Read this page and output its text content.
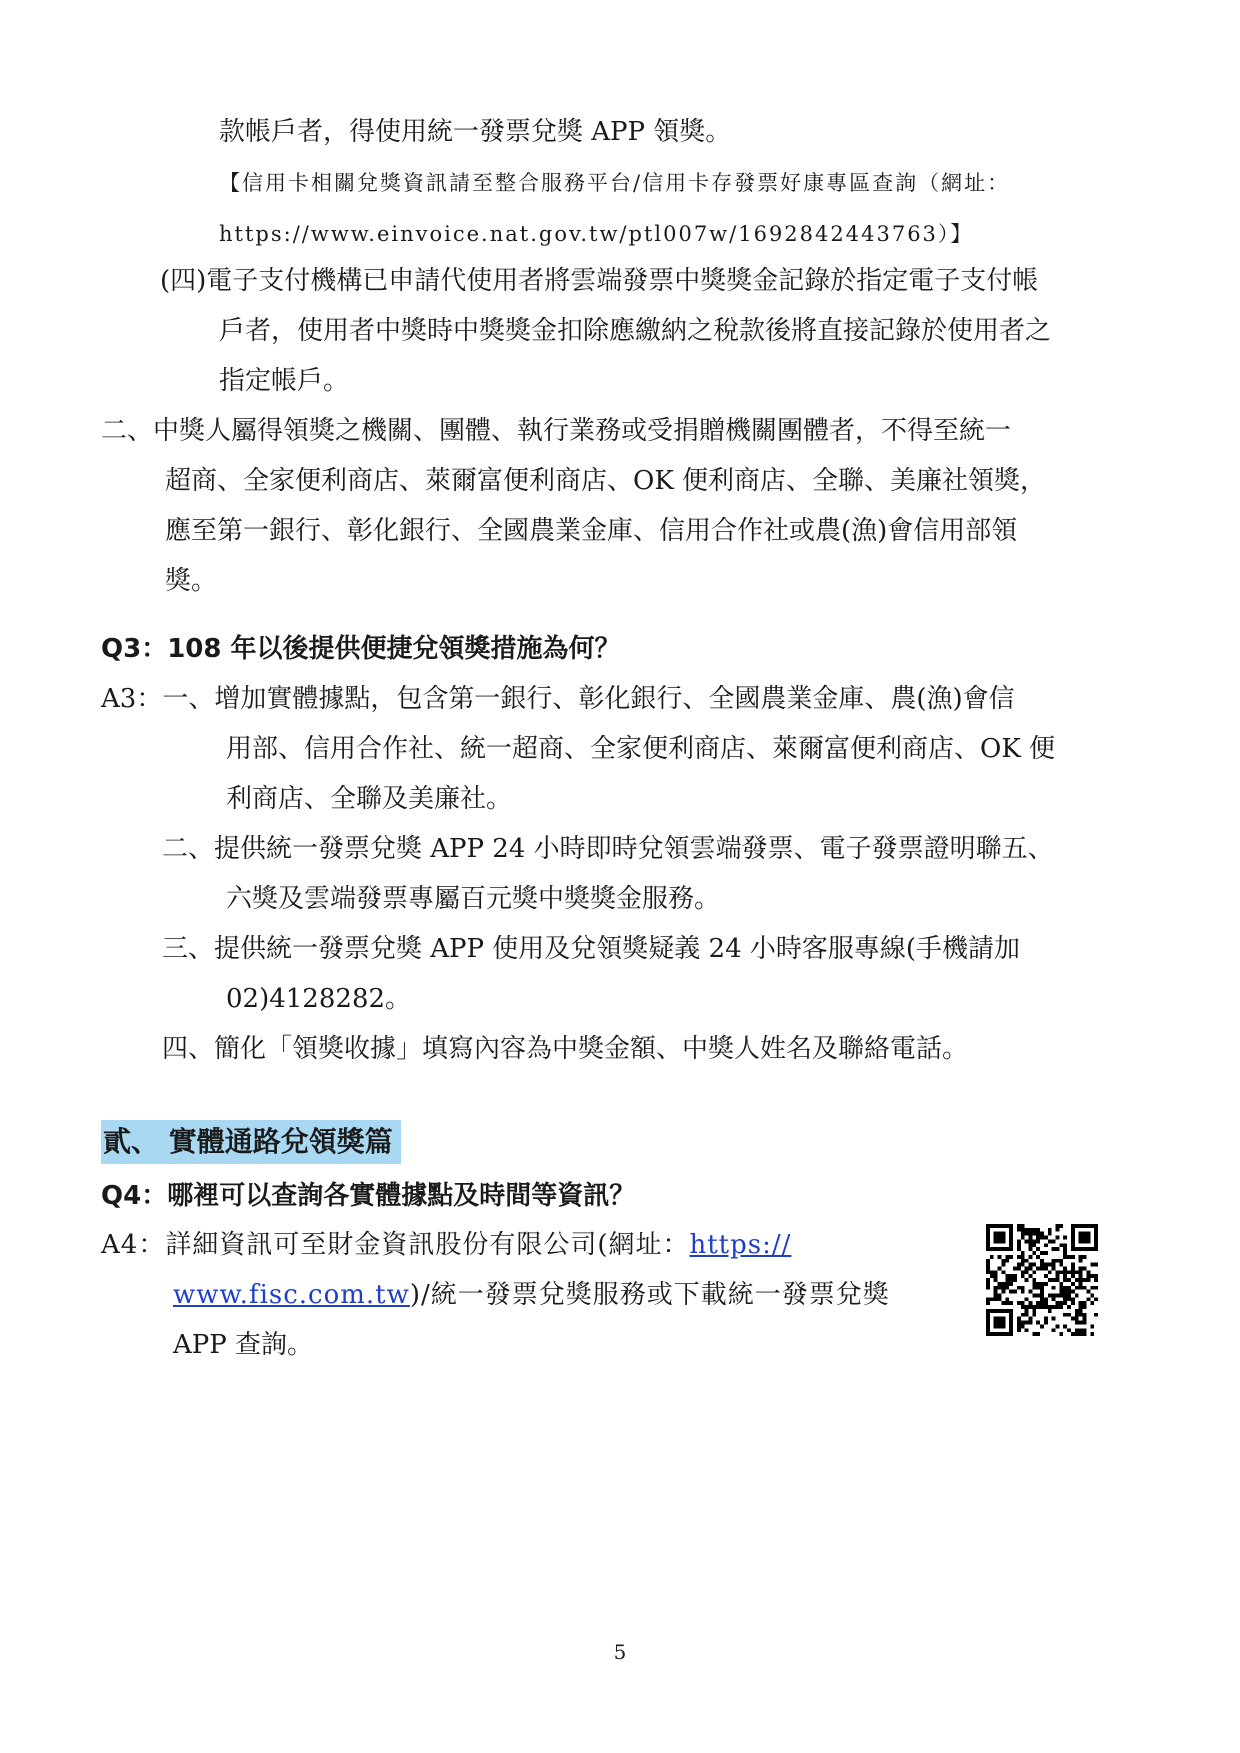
款帳戶者，得使用統一發票兌獎 APP 領獎。
【信用卡相關兌獎資訊請至整合服務平台/信用卡存發票好康專區查詢（網址：
https://www.einvoice.nat.gov.tw/ptl007w/1692842443763）】
(四)電子支付機構已申請代使用者將雲端發票中獎獎金記錄於指定電子支付帳
戶者，使用者中獎時中獎獎金扣除應繳納之稅款後將直接記錄於使用者之
指定帳戶。
二、中獎人屬得領獎之機關、團體、執行業務或受捐贈機關團體者，不得至統一
超商、全家便利商店、萊爾富便利商店、OK 便利商店、全聯、美廉社領獎，
應至第一銀行、彰化銀行、全國農業金庫、信用合作社或農(漁)會信用部領
獎。
Q3：108 年以後提供便捷兌領獎措施為何？
A3：一、增加實體據點，包含第一銀行、彰化銀行、全國農業金庫、農(漁)會信
用部、信用合作社、統一超商、全家便利商店、萊爾富便利商店、OK 便
利商店、全聯及美廉社。
二、提供統一發票兌獎 APP 24 小時即時兌領雲端發票、電子發票證明聯五、
六獎及雲端發票專屬百元獎中獎獎金服務。
三、提供統一發票兌獎 APP 使用及兌領獎疑義 24 小時客服專線(手機請加
02)4128282。
四、簡化「領獎收據」填寫內容為中獎金額、中獎人姓名及聯絡電話。
貳、 實體通路兌領獎篇
Q4：哪裡可以查詢各實體據點及時間等資訊？
A4：詳細資訊可至財金資訊股份有限公司(網址：https://
www.fisc.com.tw)/統一發票兌獎服務或下載統一發票兌獎
APP 查詢。
5
